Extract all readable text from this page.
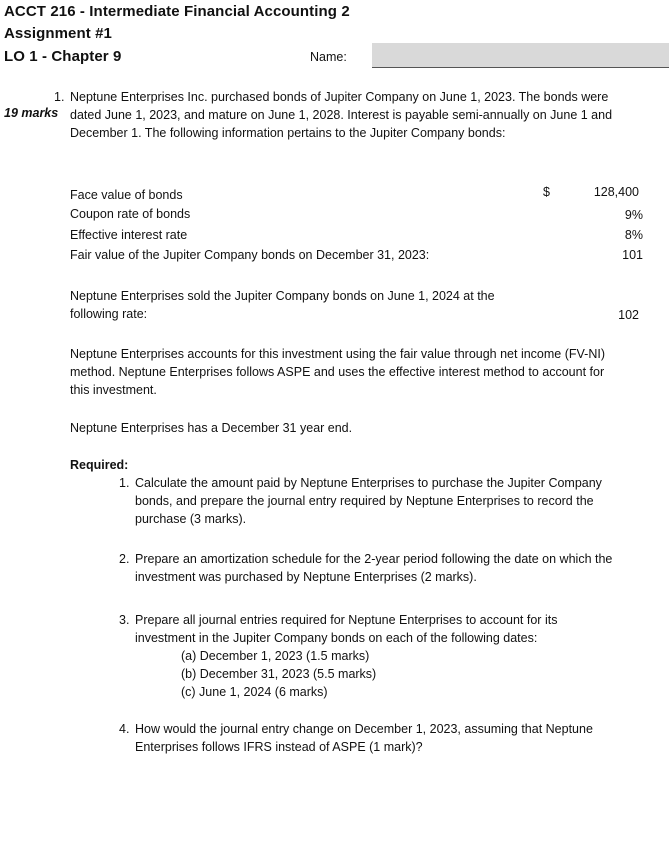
ACCT 216 - Intermediate Financial Accounting 2
Assignment #1
LO 1 - Chapter 9	Name:
1.
19 marks
Neptune Enterprises Inc. purchased bonds of Jupiter Company on June 1, 2023. The bonds were
dated June 1, 2023, and mature on June 1, 2028. Interest is payable semi-annually on June 1 and
December 1. The following information pertains to the Jupiter Company bonds:
Face value of bonds	$	128,400
Coupon rate of bonds	9%
Effective interest rate	8%
Fair value of the Jupiter Company bonds on December 31, 2023:	101
Neptune Enterprises sold the Jupiter Company bonds on June 1, 2024 at the
following rate:	102
Neptune Enterprises accounts for this investment using the fair value through net income (FV-NI)
method. Neptune Enterprises follows ASPE and uses the effective interest method to account for
this investment.
Neptune Enterprises has a December 31 year end.
Required:
1. Calculate the amount paid by Neptune Enterprises to purchase the Jupiter Company
bonds, and prepare the journal entry required by Neptune Enterprises to record the
purchase (3 marks).
2. Prepare an amortization schedule for the 2-year period following the date on which the
investment was purchased by Neptune Enterprises (2 marks).
3. Prepare all journal entries required for Neptune Enterprises to account for its
investment in the Jupiter Company bonds on each of the following dates:
(a) December 1, 2023 (1.5 marks)
(b) December 31, 2023 (5.5 marks)
(c) June 1, 2024 (6 marks)
4. How would the journal entry change on December 1, 2023, assuming that Neptune
Enterprises follows IFRS instead of ASPE (1 mark)?
